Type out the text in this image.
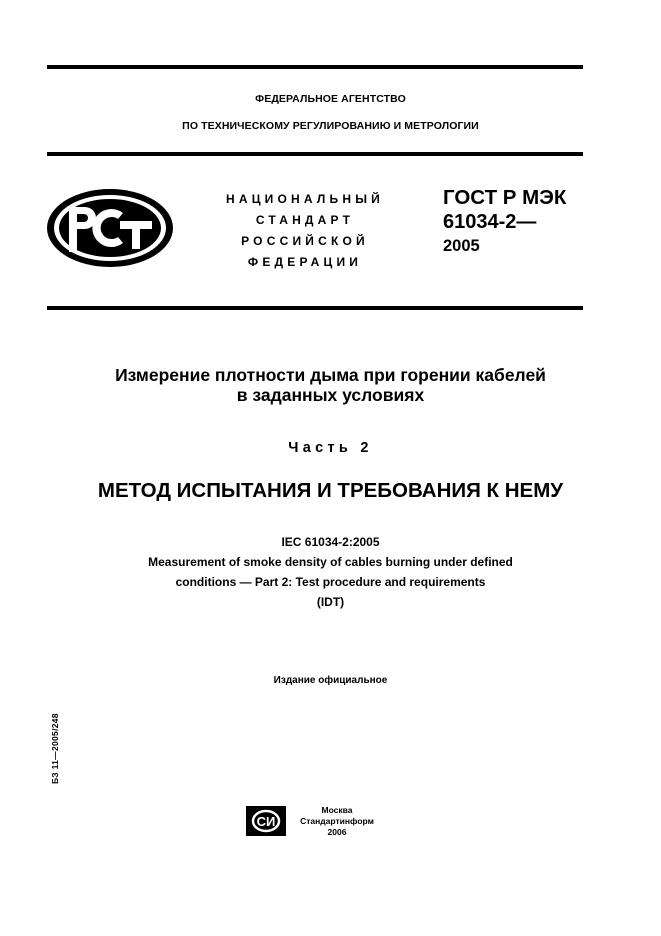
ФЕДЕРАЛЬНОЕ АГЕНТСТВО
ПО ТЕХНИЧЕСКОМУ РЕГУЛИРОВАНИЮ И МЕТРОЛОГИИ
НАЦИОНАЛЬНЫЙ
СТАНДАРТ
РОССИЙСКОЙ
ФЕДЕРАЦИИ
ГОСТ Р МЭК
61034-2—
2005
Измерение плотности дыма при горении кабелей
в заданных условиях
Часть 2
МЕТОД ИСПЫТАНИЯ И ТРЕБОВАНИЯ К НЕМУ
IEC 61034-2:2005
Measurement of smoke density of cables burning under defined
conditions — Part 2: Test procedure and requirements
(IDT)
Издание официальное
БЗ 11—2005/248
СИ
Москва
Стандартинформ
2006
